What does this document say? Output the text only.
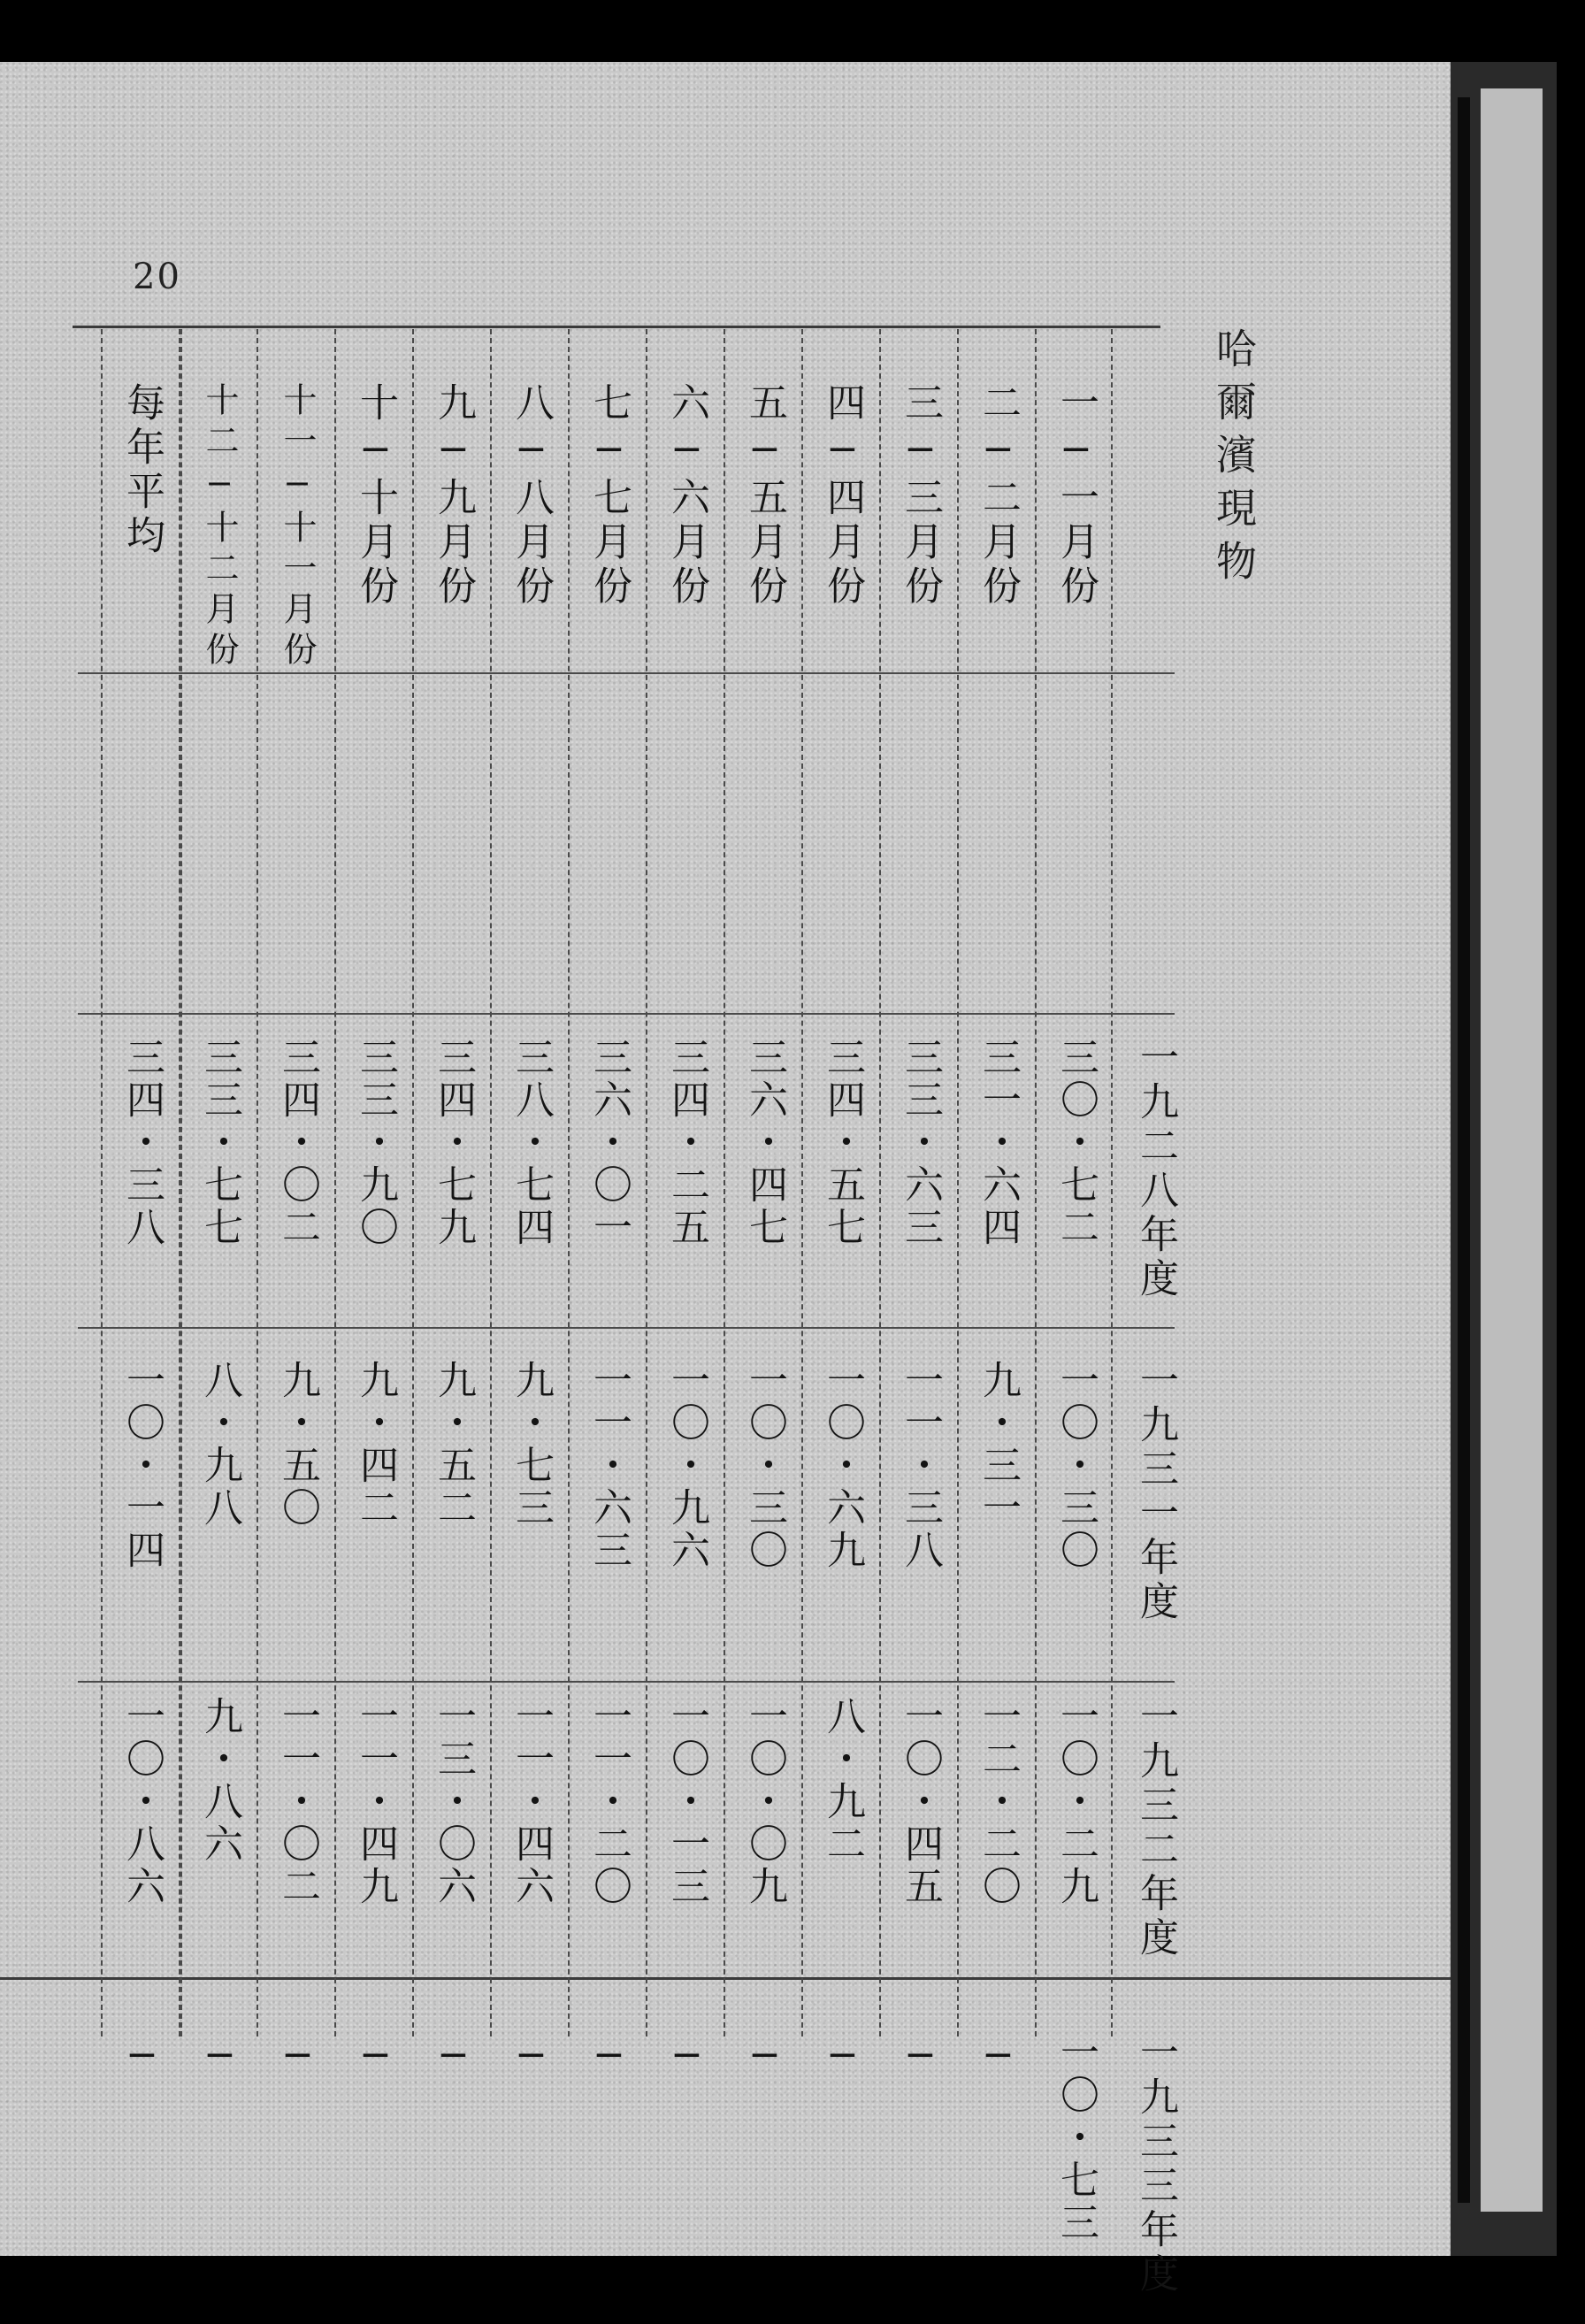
20
哈爾濱現物
一−一月份
三〇・七二
一〇・三〇
一〇・二九
一〇・七三
二−二月份
三一・六四
九・三一
一二・二〇
−
三−三月份
三三・六三
一一・三八
一〇・四五
−
四−四月份
三四・五七
一〇・六九
八・九二
−
五−五月份
三六・四七
一〇・三〇
一〇・〇九
−
六−六月份
三四・二五
一〇・九六
一〇・一三
−
七−七月份
三六・〇一
一一・六三
一一・二〇
−
八−八月份
三八・七四
九・七三
一一・四六
−
九−九月份
三四・七九
九・五二
一三・〇六
−
十−十月份
三三・九〇
九・四二
一一・四九
−
十一−十一月份
三四・〇二
九・五〇
一一・〇二
−
十二−十二月份
三三・七七
八・九八
九・八六
−
每年平均
三四・三八
一〇・一四
一〇・八六
−
一九二八年度
一九三一年度
一九三二年度
一九三三年度
